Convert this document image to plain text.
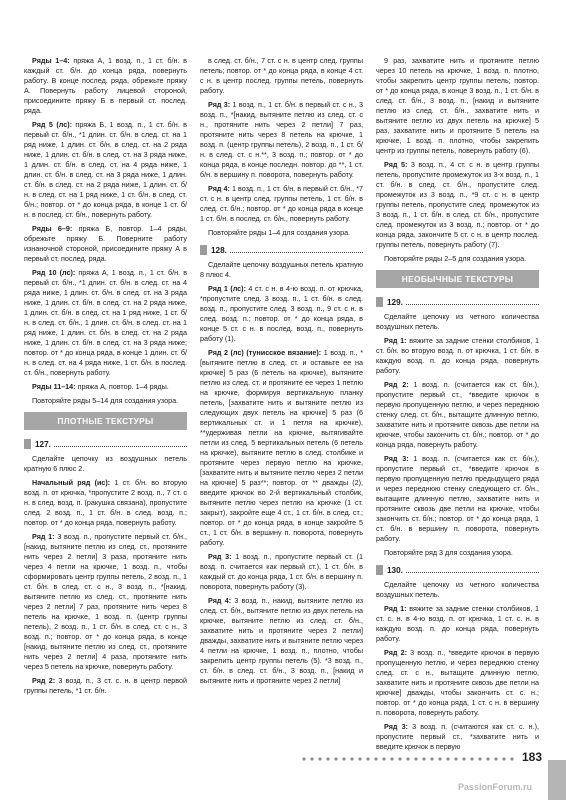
Ряды 1–4: пряжа А, 1 возд. п., 1 ст. б/н. в каждый ст. б/н. до конца ряда, повернуть работу. В конце послед. ряда, обрежьте пряжу А. Повернуть работу лицевой стороной, присоедините пряжу Б в первый ст. послед. ряда.

Ряд 5 (лс): пряжа Б, 1 возд. п., 1 ст. б/н. в первый ст. б/н., *1 длин. ст. б/н. в след. ст. на 1 ряд ниже, 1 длин. ст. б/н. в след. ст. на 2 ряда ниже, 1 длин. ст. б/н. в след. ст. на 3 ряда ниже, 1 длин. ст. б/н. в след. ст. на 4 ряда ниже, 1 длин. ст. б/н. в след. ст. на 3 ряда ниже, 1 длин. ст. б/н. в след. ст. на 2 ряда ниже, 1 длин. ст. б/н. в след. ст. на 1 ряд ниже, 1 ст. б/н. в след. ст. б/н.; повтор. от * до конца ряда, в конце 1 ст. б/н. в послед. ст. б/н., повернуть работу.

Ряды 6–9: пряжа Б, повтор. 1–4 ряды, обрежьте пряжу Б. Поверните работу изнаночной стороной, присоедините пряжу А в первый ст. послед. ряда.

Ряд 10 (лс): пряжа А, 1 возд. п., 1 ст. б/н. в первый ст. б/н., *1 длин. ст. б/н. в след. ст. на 4 ряда ниже, 1 длин. ст. б/н. в след. ст. на 3 ряда ниже, 1 длин. ст. б/н. в след. ст. на 2 ряда ниже, 1 длин. ст. б/н. в след. ст. на 1 ряд ниже, 1 ст. б/н. в след. ст. б/н., 1 длин. ст. б/н. в след. ст. на 1 ряд ниже, 1 длин. ст. б/н. в след. ст. на 2 ряда ниже, 1 длин. ст. б/н. в след. ст. на 3 ряда ниже; повтор. от * до конца ряда, в конце 1 длин. ст. б/н. в след. ст. на 4 ряда ниже, 1 ст. б/н. в послед. ст. б/н., повернуть работу.

Ряды 11–14: пряжа А, повтор. 1–4 ряды.

Повторяйте ряды 5–14 для создания узора.

ПЛОТНЫЕ ТЕКСТУРЫ
127.

Сделайте цепочку из воздушных петель кратную 6 плюс 2.

Начальный ряд (ис): 1 ст. б/н. во вторую возд. п. от крючка, *пропустите 2 возд. п., 7 ст. с н. в след. возд. п. (ракушка связана), пропустите след. 2 возд. п., 1 ст. б/н. в след. возд. п.; повтор. от * до конца ряда, повернуть работу.

Ряд 1: 3 возд. п., пропустите первый ст. б/н., [накид, вытяните петлю из след. ст., протяните нить через 2 петли] 3 раза, протяните нить через 4 петли на крючке, 1 возд. п., чтобы сформировать центр группы петель, 2 возд. п., 1 ст. б/н. в след. ст. с н., 3 возд. п., *[накид, вытяните петлю из след. ст., протяните нить через 2 петли] 7 раз, протяните нить через 8 петель на крючке, 1 возд. п. (центр группы петель), 2 возд. п., 1 ст. б/н. в след. ст. с н., 3 возд. п.; повтор. от * до конца ряда, в конце [накид, вытяните петлю из след. ст., протяните нить через 2 петли] 4 раза, протяните нить через 5 петель на крючке, повернуть работу.

Ряд 2: 3 возд. п., 3 ст. с. н. в центр первой группы петель, *1 ст. б/н.

в след. ст. б/н., 7 ст. с н. в центр след. группы петель; повтор. от * до конца ряда, в конце 4 ст. с н. в центр послед. группы петель, повернуть работу.

Ряд 3: 1 возд. п., 1 ст. б/н. в первый ст. с н., 3 возд. п., *[накид, вытяните петлю из след. ст. с н., протяните нить через 2 петли] 7 раз, протяните нить через 8 петель на крючке, 1 возд. п. (центр группы петель), 2 возд. п., 1 ст. б/н. в след. ст. с н.**, 3 возд. п.; повтор. от * до конца ряда, в конце последн. повтор. до **, 1 ст. б/н. в вершину п. поворота, повернуть работу.

Ряд 4: 1 возд. п., 1 ст. б/н. в первый ст. б/н., *7 ст. с н. в центр след. группы петель, 1 ст. б/н. в след. ст. б/н.; повтор. от * до конца ряда в конце 1 ст. б/н. в послед. ст. б/н., повернуть работу.

Повторяйте ряды 1–4 для создания узора.

128.

Сделайте цепочку воздушных петель кратную 8 плюс 4.

Ряд 1 (лс): 4 ст. с н. в 4-ю возд. п. от крючка, *пропустите след. 3 возд. п., 1 ст. б/н. в след. возд. п., пропустите след. 3 возд. п., 9 ст. с н. в след. возд. п.; повтор. от * до конца ряда, в конце 5 ст. с н. в послед. возд. п., повернуть работу (1).

Ряд 2 (лс) (тунисское вязание): 1 возд. п., *[вытяните петлю в след. ст. и оставьте ее на крючке] 5 раз (6 петель на крючке), вытяните петлю из след. ст. и протяните ее через 1 петлю на крючке, формируя вертикальную планку петель, [захватите нить и вытяните петлю из следующих двух петель на крючке] 5 раз (6 вертикальных ст. и 1 петля на крючке), **удерживая петли на крючке, вытягивайте петли из след. 5 вертикальных петель (6 петель на крючке), вытяните петлю в след. столбике и протяните через первую петлю на крючке, [захватите нить и вытяните петлю через 2 петли на крючке] 5 раз**; повтор. от ** дважды (2), введите крючок во 2-й вертикальный столбик, вытяните петлю через петлю на крючке (1 ст. закрыт), закройте еще 4 ст., 1 ст. б/н. в след. ст.; повтор. от * до конца ряда, в конце закройте 5 ст., 1 ст. б/н. в вершину п. поворота, повернуть работу.

Ряд 3: 1 возд. п., пропустите первый ст. (1 возд. п. считается как первый ст.), 1 ст. б/н. в каждый ст. до конца ряда, 1 ст. б/н. в вершину п. поворота, повернуть работу (3).

Ряд 4: 3 возд. п., накид, вытяните петлю из след. ст. б/н., вытяните петлю из двух петель на крючке, вытяните петлю из след. ст. б/н., захватите нить и протяните через 2 петли] дважды, захватите нить и вытяните петлю через 4 петли на крючке, 1 возд. п., плотно, чтобы закрепить центр группы петель (5). *3 возд. п., ст. б/н. в след. ст. б/н., 3 возд. п., [накид и вытяните нить и протяните через 2 петли]

9 раз, захватите нить и протяните петлю через 10 петель на крючке, 1 возд. п. плотно, чтобы закрепить центр группы петель; повтор. от * до конца ряда, в конце 3 возд. п., 1 ст. б/н. в след. ст. б/н., 3 возд. п., [накид и вытяните петлю из след. ст. б/н., захватите нить и вытяните петлю из двух петель на крючке] 5 раз, захватите нить и протяните 5 петель на крючке, 1 возд. п. плотно, чтобы закрепить центр из группы петель, повернуть работу (6).

Ряд 5: 3 возд. п., 4 ст. с н. в центр группы петель, пропустите промежуток из 3-х возд. п., 1 ст. б/н. в след. ст. б/н., пропустите след. промежуток из 3 возд. п., *9 ст. с н. в центр группы петель, пропустите след. промежуток из 3 возд. п., 1 ст. б/н. в след. ст. б/н., пропустите след. промежуток из 3 возд. п.; повтор. от * до конца ряда, закончите 5 ст. с н. в центр послед. группы петель, повернуть работу (7).

Повторяйте ряды 2–5 для создания узора.

НЕОБЫЧНЫЕ ТЕКСТУРЫ
129.

Сделайте цепочку из четного количества воздушных петель.

Ряд 1: вяжите за задние стенки столбиков, 1 ст. б/н. во вторую возд. п. от крючка, 1 ст. б/н. в каждую возд. п. до конца ряда, повернуть работу.

Ряд 2: 1 возд. п. (считается как ст. б/н.), пропустите первый ст., *введите крючок в первую пропущенную петлю, и через переднюю стенку след. ст. б/н., вытащите длинную петлю, захватите нить и протяните сквозь две петли на крючке, чтобы закончить ст. б/н.; повтор. от * до конца ряда, повернуть работу.

Ряд 3: 1 возд. п. (считается как ст. б/н.), пропустите первый ст., *введите крючок в первую пропущенную петлю предыдущего ряда и через переднюю стенку следующего ст. б/н., вытащите длинную петлю, захватите нить и протяните сквозь две петли на крючке, чтобы закончить ст. б/н.; повтор. от * до конца ряда, 1 ст. б/н. в вершину п. поворота, повернуть работу.

Повторяйте ряд 3 для создания узора.

130.

Сделайте цепочку из четного количества воздушных петель.

Ряд 1: вяжите за задние стенки столбиков, 1 ст. с. н. в 4-ю возд. п. от крючка, 1 ст. с. н. в каждую возд. п. до конца ряда, повернуть работу.

Ряд 2: 3 возд. п., *введите крючок в первую пропущенную петлю, и через переднюю стенку след. ст. с н., вытащите длинную петлю, захватите нить и протяните сквозь две петли на крючке] дважды, чтобы закончить ст. с. н.; повтор. от * до конца ряда, 1 ст. с н. в вершину п. поворота, повернуть работу.

Ряд 3: 3 возд. п. (считаются как ст. с. н.), пропустите первый ст., *захватите нить и введите крючок в первую

183
PassionForum.ru
